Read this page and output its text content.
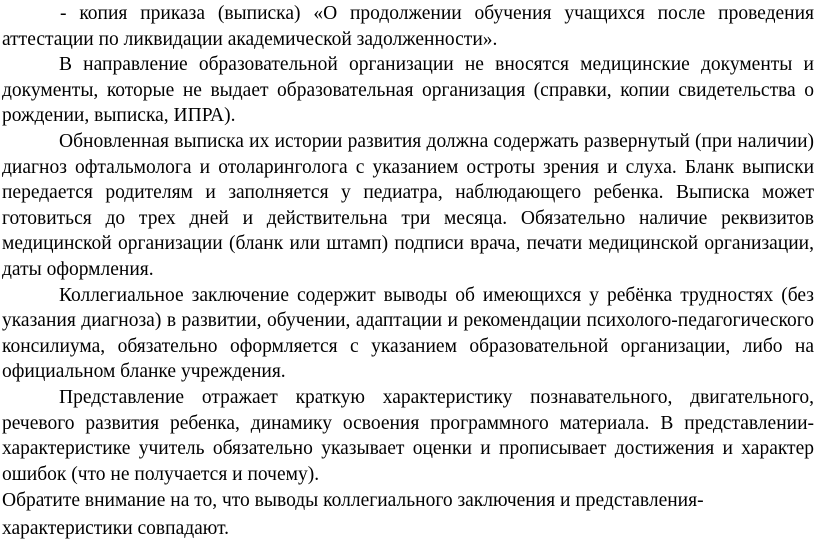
- копия приказа (выписка) «О продолжении обучения учащихся после проведения аттестации по ликвидации академической задолженности».

В направление образовательной организации не вносятся медицинские документы и документы, которые не выдает образовательная организация (справки, копии свидетельства о рождении, выписка, ИПРА).

Обновленная выписка их истории развития должна содержать развернутый (при наличии) диагноз офтальмолога и отоларинголога с указанием остроты зрения и слуха. Бланк выписки передается родителям и заполняется у педиатра, наблюдающего ребенка. Выписка может готовиться до трех дней и действительна три месяца. Обязательно наличие реквизитов медицинской организации (бланк или штамп) подписи врача, печати медицинской организации, даты оформления.

Коллегиальное заключение содержит выводы об имеющихся у ребёнка трудностях (без указания диагноза) в развитии, обучении, адаптации и рекомендации психолого-педагогического консилиума, обязательно оформляется с указанием образовательной организации, либо на официальном бланке учреждения.

Представление отражает краткую характеристику познавательного, двигательного, речевого развития ребенка, динамику освоения программного материала. В представлении-характеристике учитель обязательно указывает оценки и прописывает достижения и характер ошибок (что не получается и почему).

Обратите внимание на то, что выводы коллегиального заключения и представления-характеристики совпадают.
